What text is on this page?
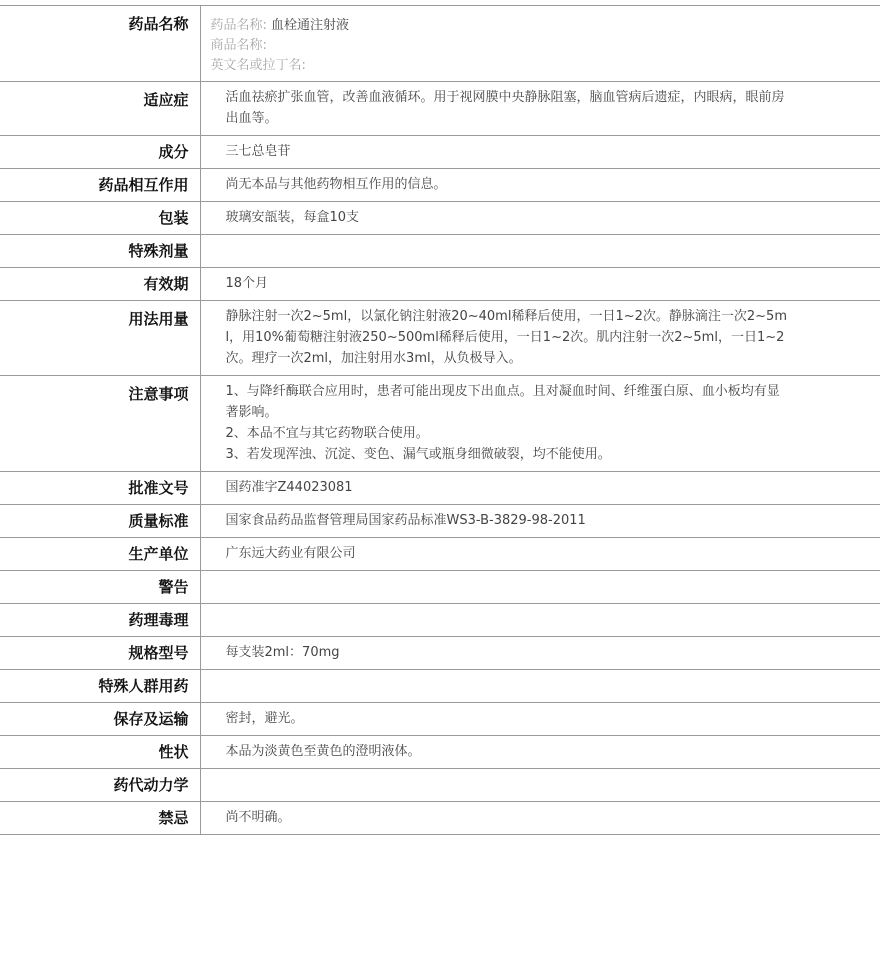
药品名称	药品名称: 血栓通注射液
商品名称:
英文名或拉丁名:

适应症	活血祛瘀扩张血管，改善血液循环。用于视网膜中央静脉阻塞，脑血管病后遗症，内眼病，眼前房出血等。

成分	三七总皂苷

药品相互作用	尚无本品与其他药物相互作用的信息。

包装	玻璃安瓿装，每盒10支

特殊剂量	
有效期	18个月

用法用量	静脉注射一次2~5ml，以氯化钠注射液20~40ml稀释后使用，一日1~2次。静脉滴注一次2~5ml，用10%葡萄糖注射液250~500ml稀释后使用，一日1~2次。肌内注射一次2~5ml，一日1~2次。理疗一次2ml，加注射用水3ml，从负极导入。

注意事项	1、与降纤酶联合应用时，患者可能出现皮下出血点。且对凝血时间、纤维蛋白原、血小板均有显著影响。
2、本品不宜与其它药物联合使用。
3、若发现浑浊、沉淀、变色、漏气或瓶身细微破裂，均不能使用。

批准文号	国药准字Z44023081

质量标准	国家食品药品监督管理局国家药品标准WS3-B-3829-98-2011

生产单位	广东远大药业有限公司

警告	
药理毒理	
规格型号	每支装2ml：70mg

特殊人群用药	
保存及运输	密封，避光。

性状	本品为淡黄色至黄色的澄明液体。

药代动力学	
禁忌	尚不明确。
